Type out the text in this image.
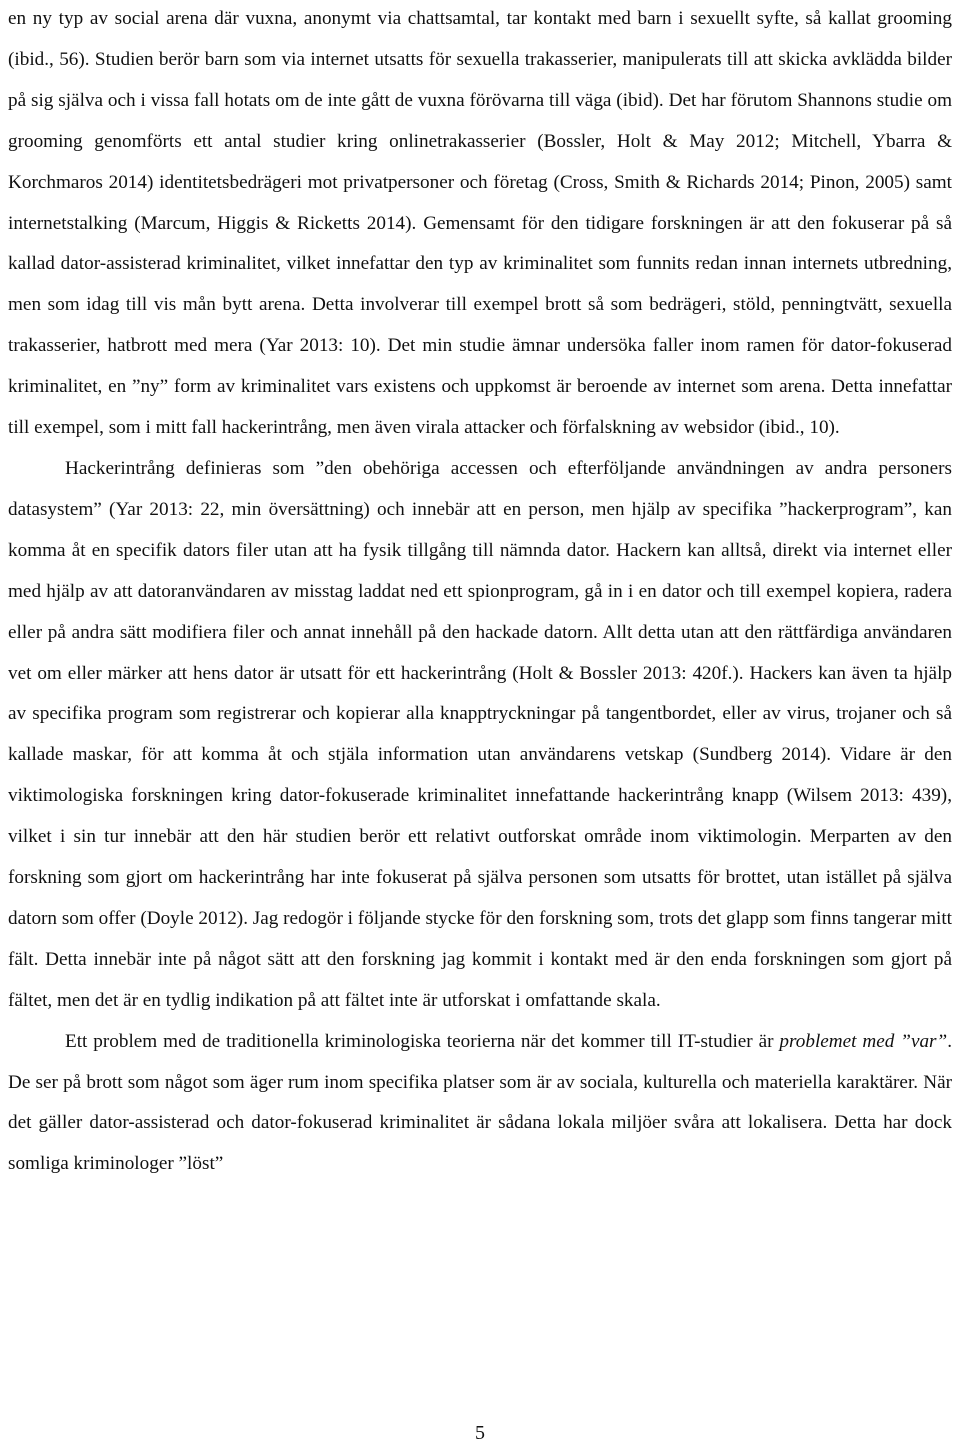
en ny typ av social arena där vuxna, anonymt via chattsamtal, tar kontakt med barn i sexuellt syfte, så kallat grooming (ibid., 56). Studien berör barn som via internet utsatts för sexuella trakasserier, manipulerats till att skicka avklädda bilder på sig själva och i vissa fall hotats om de inte gått de vuxna förövarna till väga (ibid). Det har förutom Shannons studie om grooming genomförts ett antal studier kring onlinetrakasserier (Bossler, Holt & May 2012; Mitchell, Ybarra & Korchmaros 2014) identitetsbedrägeri mot privatpersoner och företag (Cross, Smith & Richards 2014; Pinon, 2005) samt internetstalking (Marcum, Higgis & Ricketts 2014). Gemensamt för den tidigare forskningen är att den fokuserar på så kallad dator-assisterad kriminalitet, vilket innefattar den typ av kriminalitet som funnits redan innan internets utbredning, men som idag till vis mån bytt arena. Detta involverar till exempel brott så som bedrägeri, stöld, penningtvätt, sexuella trakasserier, hatbrott med mera (Yar 2013: 10). Det min studie ämnar undersöka faller inom ramen för dator-fokuserad kriminalitet, en ”ny” form av kriminalitet vars existens och uppkomst är beroende av internet som arena. Detta innefattar till exempel, som i mitt fall hackerintrång, men även virala attacker och förfalskning av websidor (ibid., 10).

Hackerintrång definieras som ”den obehöriga accessen och efterföljande användningen av andra personers datasystem” (Yar 2013: 22, min översättning) och innebär att en person, men hjälp av specifika ”hackerprogram”, kan komma åt en specifik dators filer utan att ha fysik tillgång till nämnda dator. Hackern kan alltså, direkt via internet eller med hjälp av att datoranvändaren av misstag laddat ned ett spionprogram, gå in i en dator och till exempel kopiera, radera eller på andra sätt modifiera filer och annat innehåll på den hackade datorn. Allt detta utan att den rättfärdiga användaren vet om eller märker att hens dator är utsatt för ett hackerintrång (Holt & Bossler 2013: 420f.). Hackers kan även ta hjälp av specifika program som registrerar och kopierar alla knapptryckningar på tangentbordet, eller av virus, trojaner och så kallade maskar, för att komma åt och stjäla information utan användarens vetskap (Sundberg 2014). Vidare är den viktimologiska forskningen kring dator-fokuserade kriminalitet innefattande hackerintrång knapp (Wilsem 2013: 439), vilket i sin tur innebär att den här studien berör ett relativt outforskat område inom viktimologin. Merparten av den forskning som gjort om hackerintrång har inte fokuserat på själva personen som utsatts för brottet, utan istället på själva datorn som offer (Doyle 2012). Jag redogör i följande stycke för den forskning som, trots det glapp som finns tangerar mitt fält. Detta innebär inte på något sätt att den forskning jag kommit i kontakt med är den enda forskningen som gjort på fältet, men det är en tydlig indikation på att fältet inte är utforskat i omfattande skala.

Ett problem med de traditionella kriminologiska teorierna när det kommer till IT-studier är problemet med ”var”. De ser på brott som något som äger rum inom specifika platser som är av sociala, kulturella och materiella karaktärer. När det gäller dator-assisterad och dator-fokuserad kriminalitet är sådana lokala miljöer svåra att lokalisera. Detta har dock somliga kriminologer ”löst”

5
